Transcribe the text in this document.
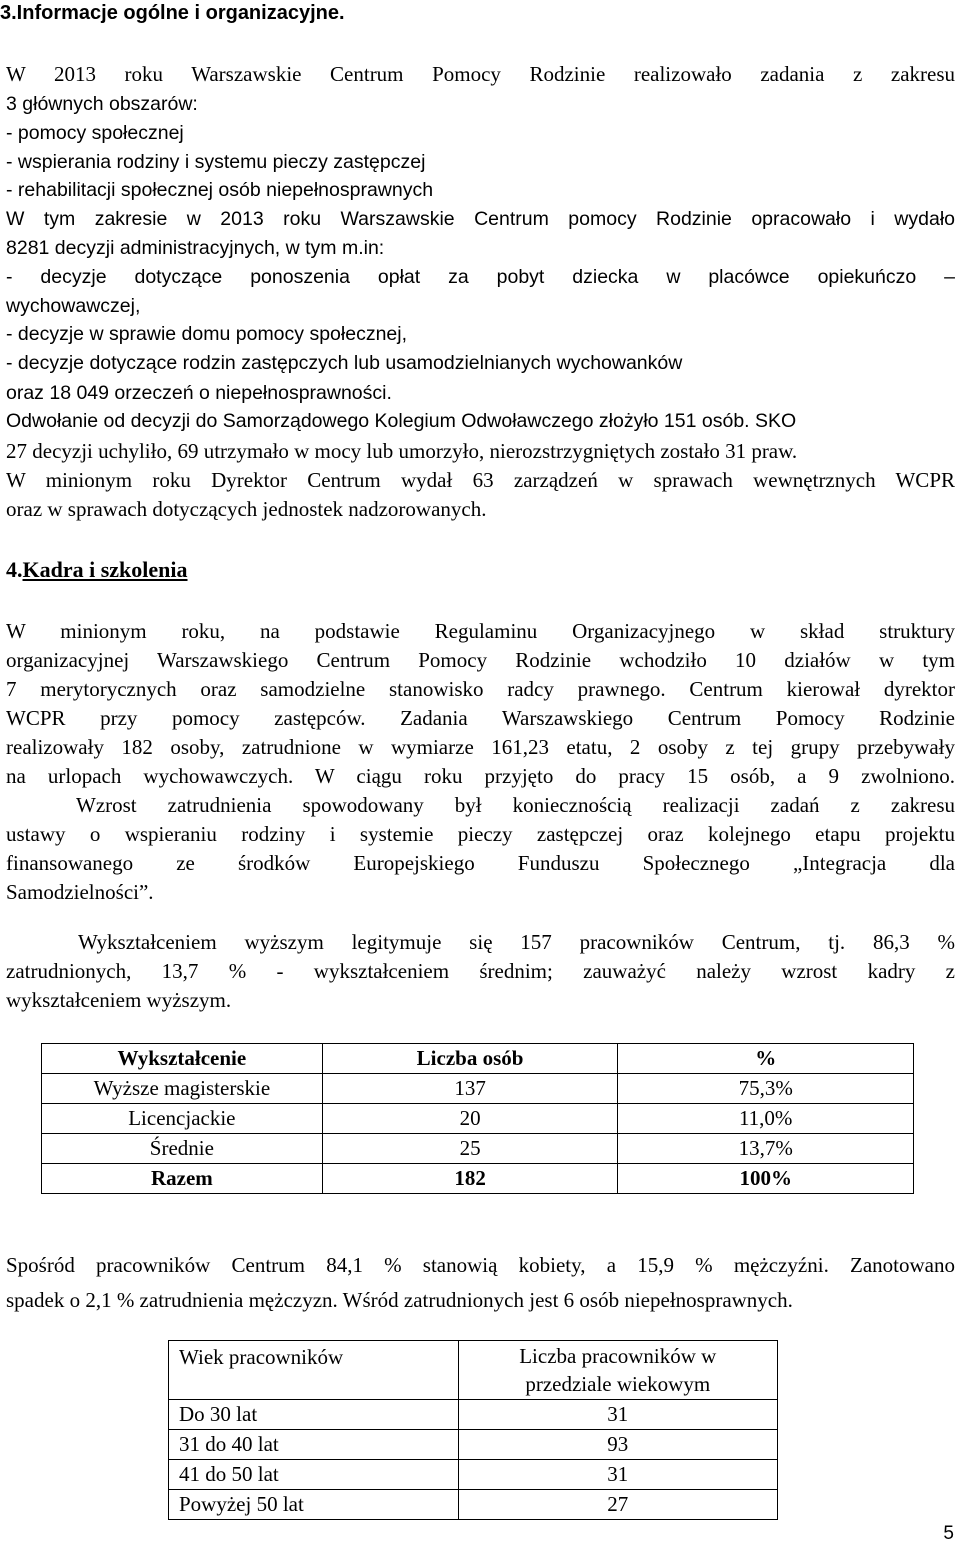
3.Informacje ogólne i organizacyjne.
W 2013 roku Warszawskie Centrum Pomocy Rodzinie realizowało zadania z zakresu
3 głównych obszarów:
- pomocy społecznej
- wspierania rodziny i systemu pieczy zastępczej
- rehabilitacji społecznej osób niepełnosprawnych
W tym zakresie w 2013 roku Warszawskie Centrum pomocy Rodzinie opracowało i wydało
8281 decyzji administracyjnych, w tym m.in:
- decyzje dotyczące ponoszenia opłat za pobyt dziecka w placówce opiekuńczo –
wychowawczej,
- decyzje w sprawie domu pomocy społecznej,
- decyzje dotyczące rodzin zastępczych lub usamodzielnianych wychowanków
oraz 18 049 orzeczeń o niepełnosprawności.
Odwołanie od decyzji do Samorządowego Kolegium Odwoławczego złożyło 151 osób. SKO
27 decyzji uchyliło, 69 utrzymało w mocy lub umorzyło, nierozstrzygniętych zostało 31 praw.
W minionym roku Dyrektor Centrum wydał 63 zarządzeń w sprawach wewnętrznych WCPR
oraz w sprawach dotyczących jednostek nadzorowanych.
4.Kadra i szkolenia
W minionym roku, na podstawie Regulaminu Organizacyjnego w skład struktury
organizacyjnej Warszawskiego Centrum Pomocy Rodzinie wchodziło 10 działów w tym
7 merytorycznych oraz samodzielne stanowisko radcy prawnego. Centrum kierował dyrektor
WCPR przy pomocy zastępców. Zadania Warszawskiego Centrum Pomocy Rodzinie
realizowały 182 osoby, zatrudnione w wymiarze 161,23 etatu, 2 osoby z tej grupy przebywały
na urlopach wychowawczych. W ciągu roku przyjęto do pracy 15 osób, a 9 zwolniono.
Wzrost zatrudnienia spowodowany był koniecznością realizacji zadań z zakresu
ustawy o wspieraniu rodziny i systemie pieczy zastępczej oraz kolejnego etapu projektu
finansowanego ze środków Europejskiego Funduszu Społecznego „Integracja dla
Samodzielności”.
Wykształceniem wyższym legitymuje się 157 pracowników Centrum, tj. 86,3 %
zatrudnionych, 13,7 % - wykształceniem średnim; zauważyć należy wzrost kadry z
wykształceniem wyższym.
Wykształcenie	Liczba osób	%
Wyższe magisterskie	137	75,3%
Licencjackie	20	11,0%
Średnie	25	13,7%
Razem	182	100%
Spośród pracowników Centrum 84,1 % stanowią kobiety, a 15,9 % mężczyźni. Zanotowano
spadek o 2,1 % zatrudnienia mężczyzn. Wśród zatrudnionych jest 6 osób niepełnosprawnych.
Wiek pracowników	Liczba pracowników w
przedziale wiekowym
Do 30 lat	31
31 do 40 lat	93
41 do 50 lat	31
Powyżej 50 lat	27
5
